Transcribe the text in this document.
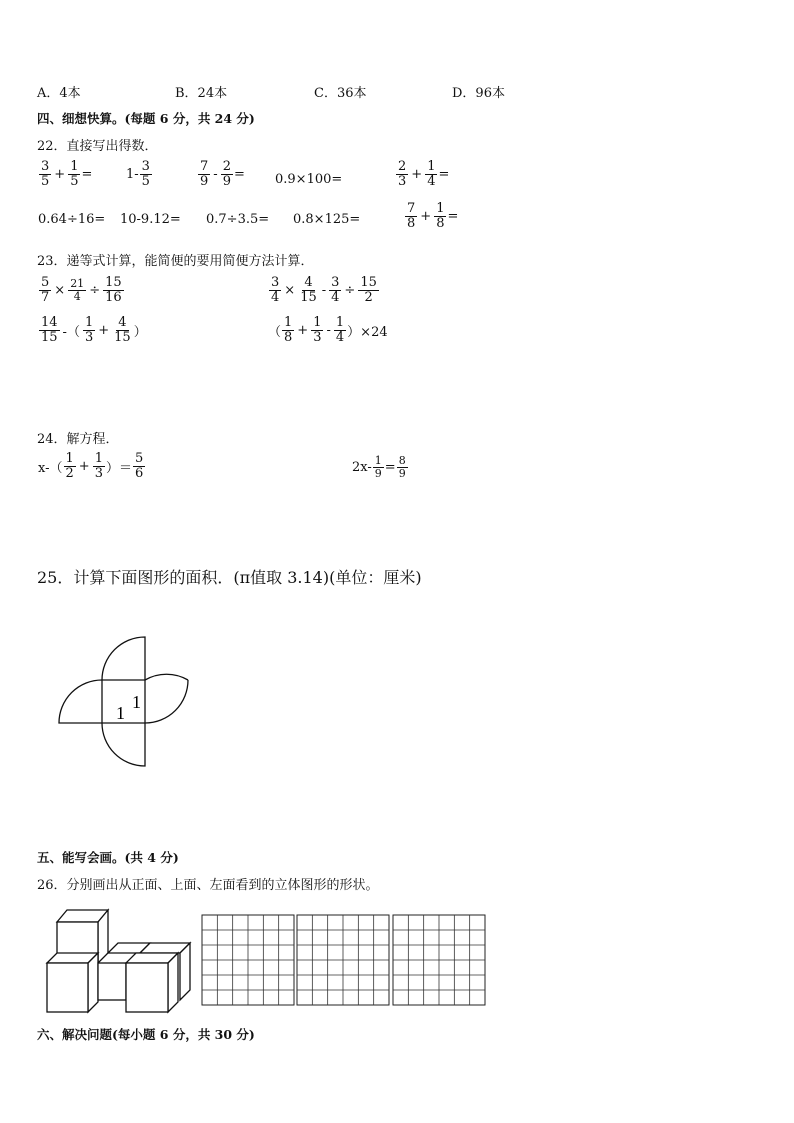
A．4本	B．24本	C．36本	D．96本
四、细想快算。(每题 6 分，共 24 分)
22．直接写出得数．
$\frac{3}{5} + \frac{1}{5}$ =	$1- \frac{3}{5}$	$\frac{7}{9} - \frac{2}{9} = 0.9\times 100=$	$\frac{2}{3} + \frac{1}{4}$ =
0.64÷16= 10-9.12= 0.7÷3.5= 0.8×125=	$\frac{7}{8} + \frac{1}{8}$ =
23．递等式计算，能简便的要用简便方法计算．
$\frac{5}{7} \times \frac{21}{4} \div \frac{15}{16}$	$\frac{3}{4} \times \frac{4}{15} - \frac{3}{4} \div \frac{15}{2}$
$\frac{14}{15}$ -（ $\frac{1}{3} + \frac{4}{15}$ ）	（ $\frac{1}{8} + \frac{1}{3} - \frac{1}{4} )\times 24$
24．解方程．
$x-( \frac{1}{2} + \frac{1}{3}$ ）＝ $\frac{5}{6}$	$2x- \frac{1}{9} = \frac{8}{9}$
25．计算下面图形的面积．(π值取 3.14)(单位：厘米)
1
1
五、能写会画。(共 4 分)
26．分别画出从正面、上面、左面看到的立体图形的形状。
六、解决问题(每小题 6 分，共 30 分)
